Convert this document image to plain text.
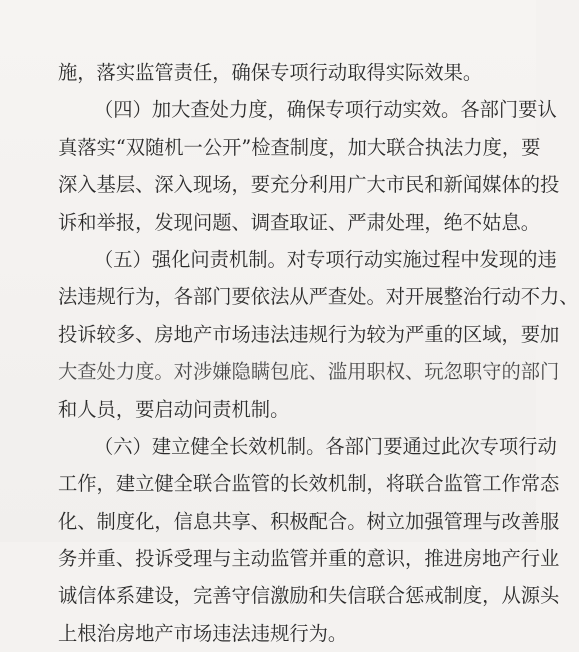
施，落实监管责任，确保专项行动取得实际效果。
（四）加大查处力度，确保专项行动实效。各部门要认
真落实“双随机一公开”检查制度，加大联合执法力度，要
深入基层、深入现场，要充分利用广大市民和新闻媒体的投
诉和举报，发现问题、调查取证、严肃处理，绝不姑息。
（五）强化问责机制。对专项行动实施过程中发现的违
法违规行为，各部门要依法从严查处。对开展整治行动不力、
投诉较多、房地产市场违法违规行为较为严重的区域，要加
大查处力度。对涉嫌隐瞒包庇、滥用职权、玩忽职守的部门
和人员，要启动问责机制。
（六）建立健全长效机制。各部门要通过此次专项行动
工作，建立健全联合监管的长效机制，将联合监管工作常态
化、制度化，信息共享、积极配合。树立加强管理与改善服
务并重、投诉受理与主动监管并重的意识，推进房地产行业
诚信体系建设，完善守信激励和失信联合惩戒制度，从源头
上根治房地产市场违法违规行为。
